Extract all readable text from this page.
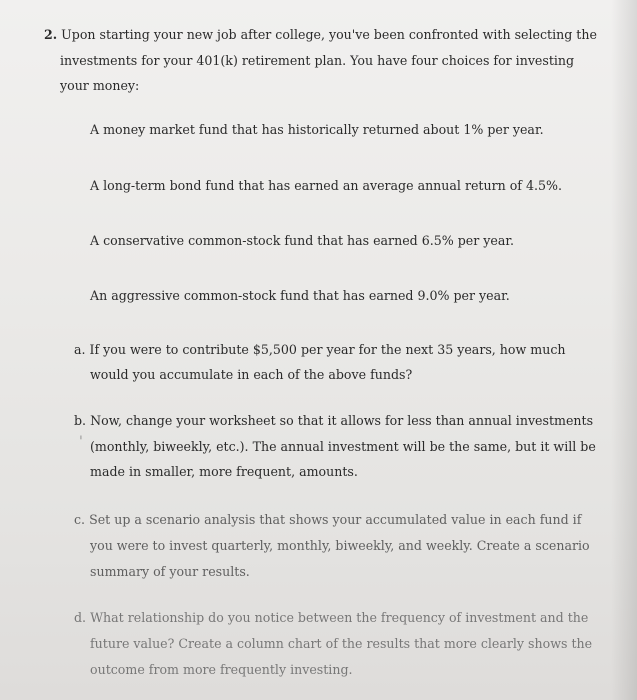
2. Upon starting your new job after college, you've been confronted with selecting the
investments for your 401(k) retirement plan. You have four choices for investing
your money:
A money market fund that has historically returned about 1% per year.
A long-term bond fund that has earned an average annual return of 4.5%.
A conservative common-stock fund that has earned 6.5% per year.
An aggressive common-stock fund that has earned 9.0% per year.
a. If you were to contribute $5,500 per year for the next 35 years, how much
would you accumulate in each of the above funds?
b. Now, change your worksheet so that it allows for less than annual investments
' (monthly, biweekly, etc.). The annual investment will be the same, but it will be
made in smaller, more frequent, amounts.
c. Set up a scenario analysis that shows your accumulated value in each fund if
you were to invest quarterly, monthly, biweekly, and weekly. Create a scenario
summary of your results.
d. What relationship do you notice between the frequency of investment and the
future value? Create a column chart of the results that more clearly shows the
outcome from more frequently investing.
